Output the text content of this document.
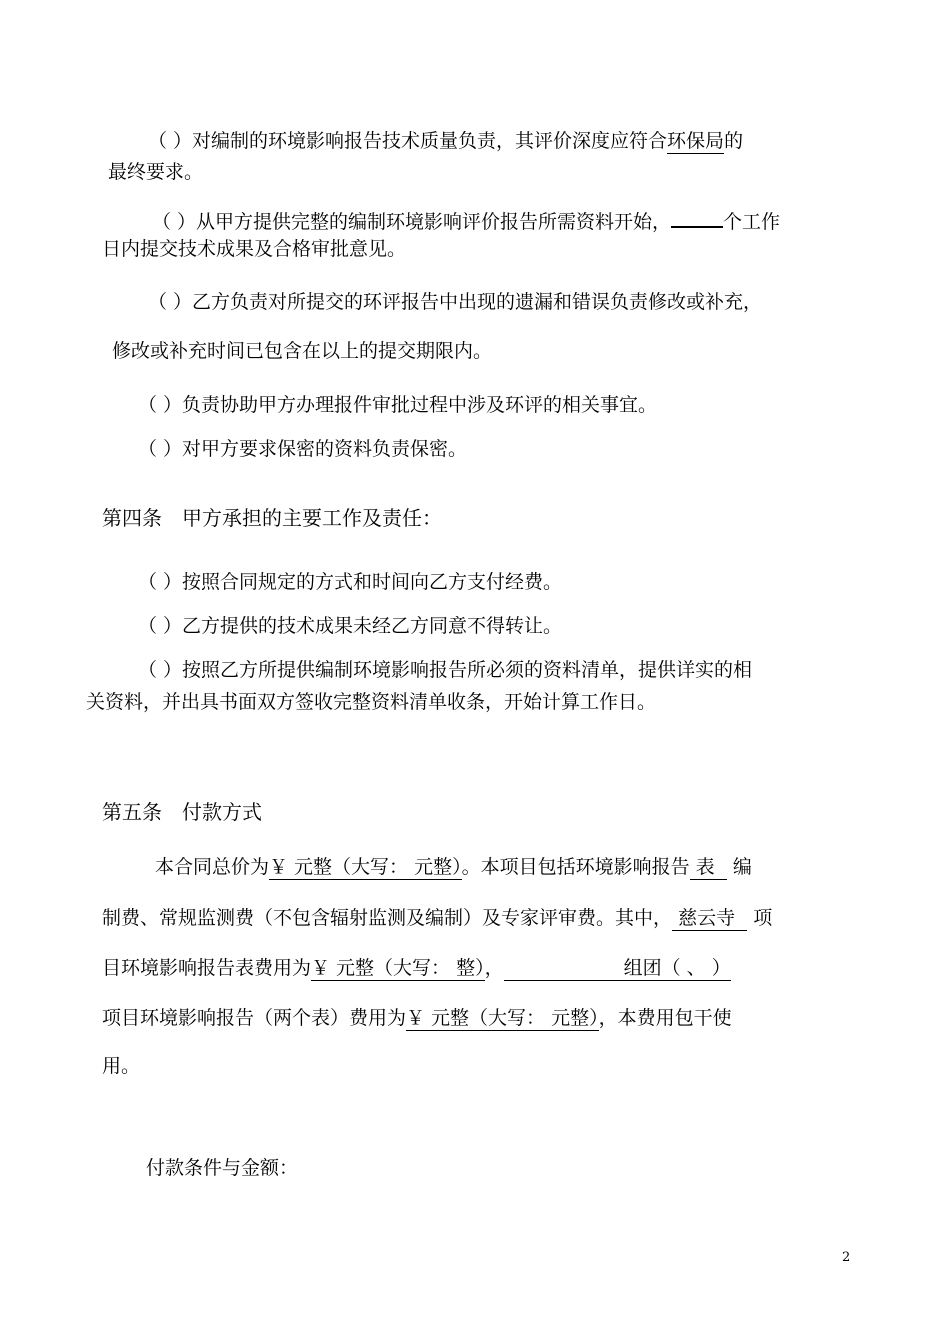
（ ）对编制的环境影响报告技术质量负责，其评价深度应符合环保局的
最终要求。
（ ）从甲方提供完整的编制环境影响评价报告所需资料开始，	个工作
日内提交技术成果及合格审批意见。
（ ）乙方负责对所提交的环评报告中出现的遗漏和错误负责修改或补充，
修改或补充时间已包含在以上的提交期限内。
（ ）负责协助甲方办理报件审批过程中涉及环评的相关事宜。
（ ）对甲方要求保密的资料负责保密。
第四条　甲方承担的主要工作及责任：
（ ）按照合同规定的方式和时间向乙方支付经费。
（ ）乙方提供的技术成果未经乙方同意不得转让。
（ ）按照乙方所提供编制环境影响报告所必须的资料清单，提供详实的相
关资料，并出具书面双方签收完整资料清单收条，开始计算工作日。
第五条　付款方式
本合同总价为￥ 元整（大写： 元整）。本项目包括环境影响报告 表 编
制费、常规监测费（不包含辐射监测及编制）及专家评审费。其中， 慈云寺 项
目环境影响报告表费用为￥ 元整（大写： 整），	组团（ 、 ）
项目环境影响报告（两个表）费用为￥ 元整（大写： 元整），本费用包干使
用。
付款条件与金额：
2
